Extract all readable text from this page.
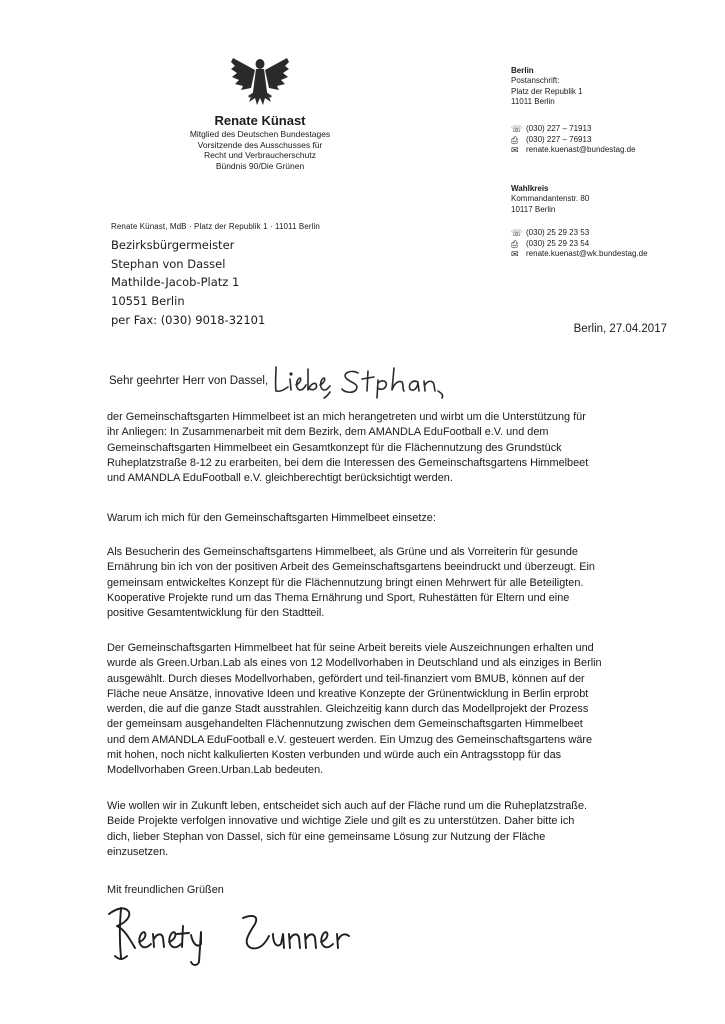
Renate Künast
Mitglied des Deutschen Bundestages
Vorsitzende des Ausschusses für
Recht und Verbraucherschutz
Bündnis 90/Die Grünen
Berlin
Postanschrift:
Platz der Republik 1
11011 Berlin
☏ (030) 227 – 71913
⎙ (030) 227 – 76913
✉ renate.kuenast@bundestag.de
Wahlkreis
Kommandantenstr. 80
10117 Berlin
☏ (030) 25 29 23 53
⎙ (030) 25 29 23 54
✉ renate.kuenast@wk.bundestag.de
Renate Künast, MdB · Platz der Republik 1 · 11011 Berlin
Bezirksbürgermeister
Stephan von Dassel
Mathilde-Jacob-Platz 1
10551 Berlin
per Fax: (030) 9018-32101
Berlin, 27.04.2017
Sehr geehrter Herr von Dassel,
der Gemeinschaftsgarten Himmelbeet ist an mich herangetreten und wirbt um die Unterstützung für
ihr Anliegen: In Zusammenarbeit mit dem Bezirk, dem AMANDLA EduFootball e.V. und dem
Gemeinschaftsgarten Himmelbeet ein Gesamtkonzept für die Flächennutzung des Grundstück
Ruheplatzstraße 8-12 zu erarbeiten, bei dem die Interessen des Gemeinschaftsgartens Himmelbeet
und AMANDLA EduFootball e.V. gleichberechtigt berücksichtigt werden.
Warum ich mich für den Gemeinschaftsgarten Himmelbeet einsetze:
Als Besucherin des Gemeinschaftsgartens Himmelbeet, als Grüne und als Vorreiterin für gesunde
Ernährung bin ich von der positiven Arbeit des Gemeinschaftsgartens beeindruckt und überzeugt. Ein
gemeinsam entwickeltes Konzept für die Flächennutzung bringt einen Mehrwert für alle Beteiligten.
Kooperative Projekte rund um das Thema Ernährung und Sport, Ruhestätten für Eltern und eine
positive Gesamtentwicklung für den Stadtteil.
Der Gemeinschaftsgarten Himmelbeet hat für seine Arbeit bereits viele Auszeichnungen erhalten und
wurde als Green.Urban.Lab als eines von 12 Modellvorhaben in Deutschland und als einziges in Berlin
ausgewählt. Durch dieses Modellvorhaben, gefördert und teil-finanziert vom BMUB, können auf der
Fläche neue Ansätze, innovative Ideen und kreative Konzepte der Grünentwicklung in Berlin erprobt
werden, die auf die ganze Stadt ausstrahlen. Gleichzeitig kann durch das Modellprojekt der Prozess
der gemeinsam ausgehandelten Flächennutzung zwischen dem Gemeinschaftsgarten Himmelbeet
und dem AMANDLA EduFootball e.V. gesteuert werden. Ein Umzug des Gemeinschaftsgartens wäre
mit hohen, noch nicht kalkulierten Kosten verbunden und würde auch ein Antragsstopp für das
Modellvorhaben Green.Urban.Lab bedeuten.
Wie wollen wir in Zukunft leben, entscheidet sich auch auf der Fläche rund um die Ruheplatzstraße.
Beide Projekte verfolgen innovative und wichtige Ziele und gilt es zu unterstützen. Daher bitte ich
dich, lieber Stephan von Dassel, sich für eine gemeinsame Lösung zur Nutzung der Fläche
einzusetzen.
Mit freundlichen Grüßen
